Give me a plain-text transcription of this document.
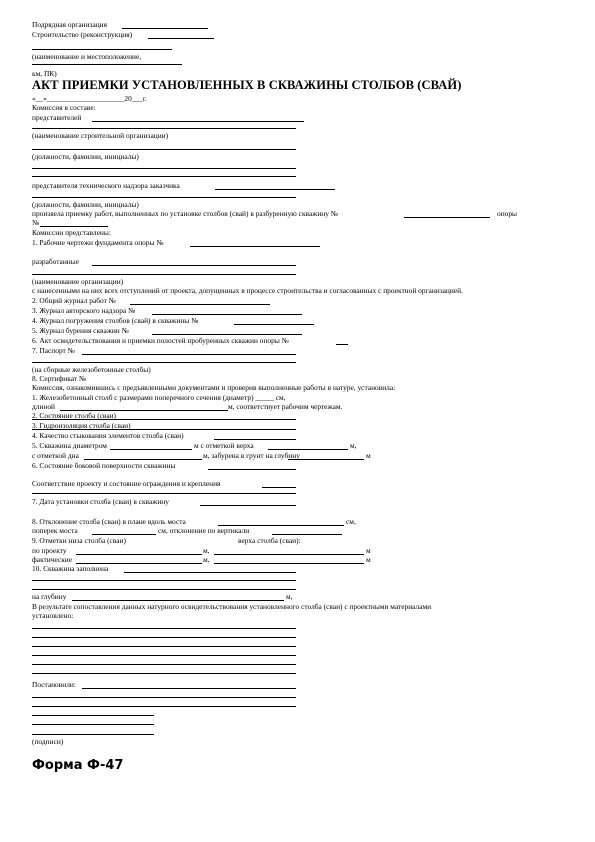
Подрядная организация
Строительство (реконструкция)
(наименование и местоположение,
км, ПК)
АКТ ПРИЕМКИ УСТАНОВЛЕННЫХ В СКВАЖИНЫ СТОЛБОВ (СВАЙ)
«__»_____________________20___г.
Комиссия в составе:
представителей
(наименование строительной организации)
(должности, фамилии, инициалы)
представителя технического надзора заказчика
(должности, фамилии, инициалы)
произвела приемку работ, выполненных по установке столбов (свай) в разбуренную скважину №	опоры
№
Комиссии представлены:
1. Рабочие чертежи фундамента опоры №
разработанные
(наименование организации)
с нанесенными на них всех отступлений от проекта, допущенных в процессе строительства и согласованных с проектной организацией.
2. Общий журнал работ №
3. Журнал авторского надзора №
4. Журнал погружения столбов (свай) в скважины №
5. Журнал бурения скважин №
6. Акт освидетельствования и приемки полостей пробуренных скважин опоры №
7. Паспорт №
(на сборные железобетонные столбы)
8. Сертификат №
Комиссия, ознакомившись с предъявленными документами и проверив выполненные работы в натуре, установила:
1. Железобетонный столб с размерами поперечного сечения (диаметр) _____ см,
длиной	м, соответствует рабочим чертежам.
2. Состояние столба (сваи)
3. Гидроизоляция столба (сваи)
4. Качество стыкования элементов столба (сваи)
5. Скважина диаметром	м с отметкой верха	м,
с отметкой дна	м, забурена в грунт на глубину	м
6. Состояние боковой поверхности скважины
Соответствие проекту и состояние ограждения и крепления
7. Дата установки столба (сваи) в скважину
8. Отклонение столба (сваи) в плане вдоль моста	см,
поперек моста	см, отклонение по вертикали
9. Отметки низа столба (сваи)	верха столба (сваи):
по проекту	м,	м
фактические	м,	м
10. Скважина заполнена
на глубину	м,
В результате сопоставления данных натурного освидетельствования установленного столба (сваи) с проектными материалами
установлено:
Постановили:
(подписи)
Форма Ф-47
